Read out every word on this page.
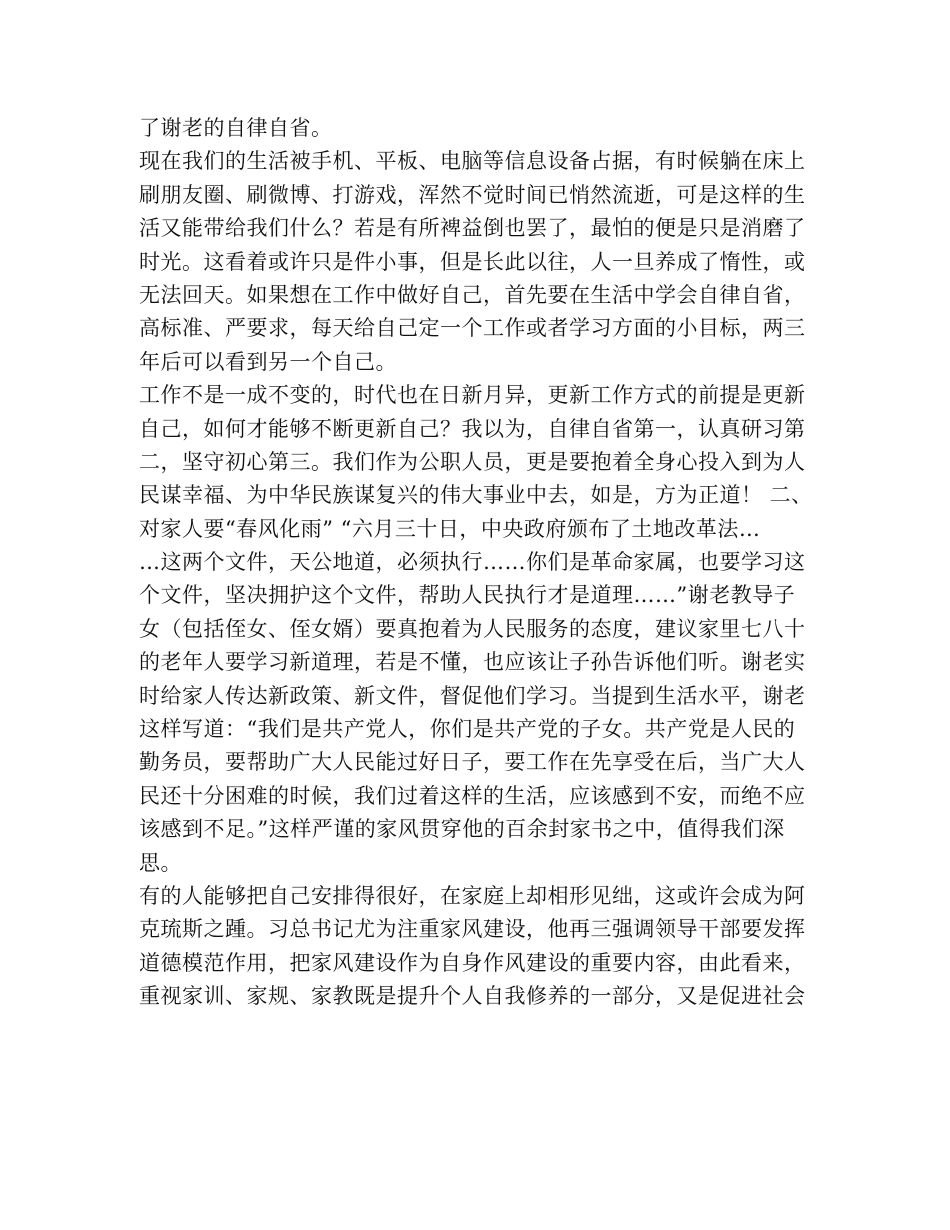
了谢老的自律自省。
现在我们的生活被手机、平板、电脑等信息设备占据，有时候躺在床上
刷朋友圈、刷微博、打游戏，浑然不觉时间已悄然流逝，可是这样的生
活又能带给我们什么？若是有所裨益倒也罢了，最怕的便是只是消磨了
时光。这看着或许只是件小事，但是长此以往，人一旦养成了惰性，或
无法回天。如果想在工作中做好自己，首先要在生活中学会自律自省，
高标准、严要求，每天给自己定一个工作或者学习方面的小目标，两三
年后可以看到另一个自己。
工作不是一成不变的，时代也在日新月异，更新工作方式的前提是更新
自己，如何才能够不断更新自己？我以为，自律自省第一，认真研习第
二，坚守初心第三。我们作为公职人员，更是要抱着全身心投入到为人
民谋幸福、为中华民族谋复兴的伟大事业中去，如是，方为正道！ 二、
对家人要“春风化雨” “六月三十日，中央政府颁布了土地改革法…
…这两个文件，天公地道，必须执行……你们是革命家属，也要学习这
个文件，坚决拥护这个文件，帮助人民执行才是道理……”谢老教导子
女（包括侄女、侄女婿）要真抱着为人民服务的态度，建议家里七八十
的老年人要学习新道理，若是不懂，也应该让子孙告诉他们听。谢老实
时给家人传达新政策、新文件，督促他们学习。当提到生活水平，谢老
这样写道：“我们是共产党人，你们是共产党的子女。共产党是人民的
勤务员，要帮助广大人民能过好日子，要工作在先享受在后，当广大人
民还十分困难的时候，我们过着这样的生活，应该感到不安，而绝不应
该感到不足。”这样严谨的家风贯穿他的百余封家书之中，值得我们深
思。
有的人能够把自己安排得很好，在家庭上却相形见绌，这或许会成为阿
克琉斯之踵。习总书记尤为注重家风建设，他再三强调领导干部要发挥
道德模范作用，把家风建设作为自身作风建设的重要内容，由此看来，
重视家训、家规、家教既是提升个人自我修养的一部分，又是促进社会
